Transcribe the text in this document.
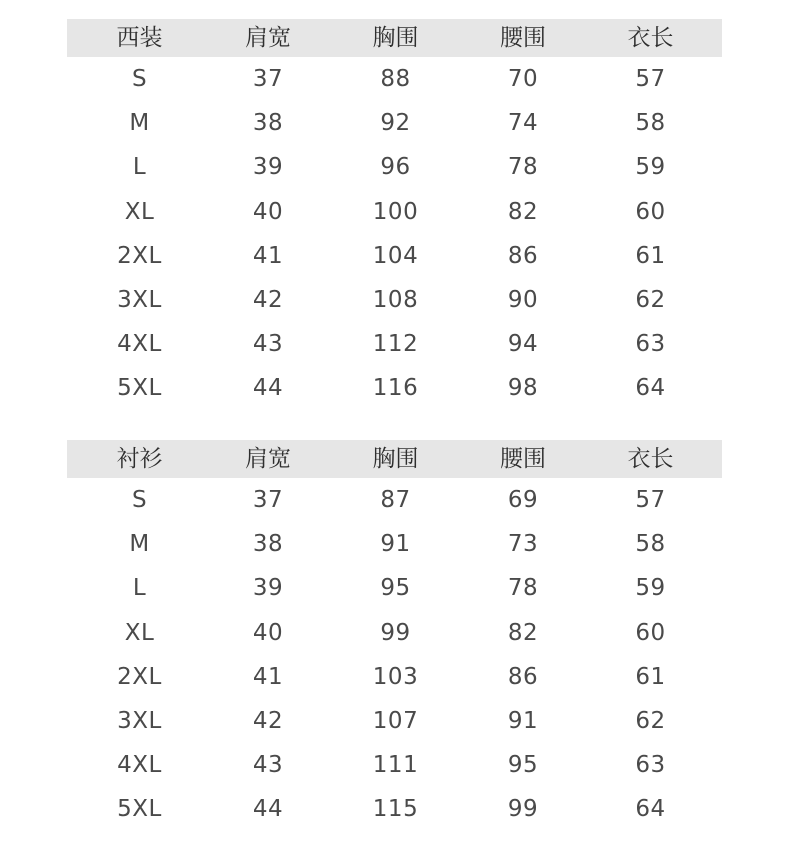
西装	肩宽	胸围	腰围	衣长
S	37	88	70	57
M	38	92	74	58
L	39	96	78	59
XL	40	100	82	60
2XL	41	104	86	61
3XL	42	108	90	62
4XL	43	112	94	63
5XL	44	116	98	64
衬衫	肩宽	胸围	腰围	衣长
S	37	87	69	57
M	38	91	73	58
L	39	95	78	59
XL	40	99	82	60
2XL	41	103	86	61
3XL	42	107	91	62
4XL	43	111	95	63
5XL	44	115	99	64
